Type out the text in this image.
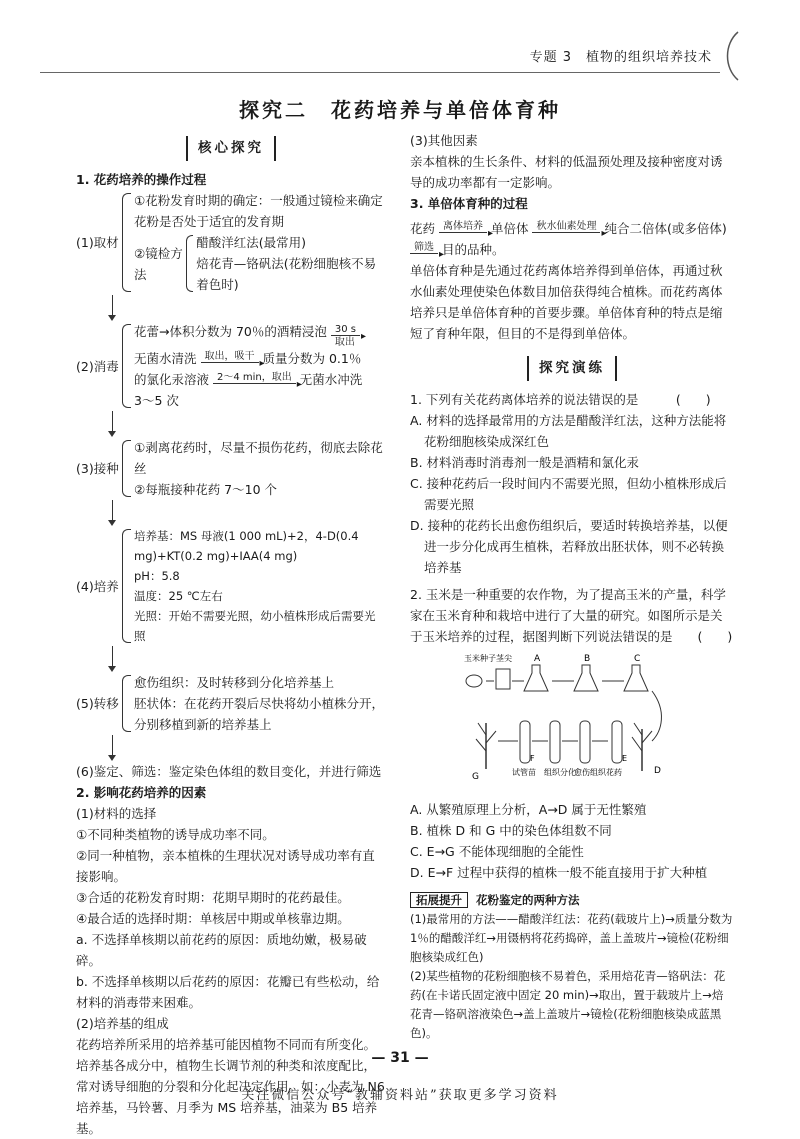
专题 3　植物的组织培养技术
探究二　花药培养与单倍体育种
核心探究

1. 花药培养的操作过程

(1)取材

①花粉发育时期的确定：一般通过镜检来确定花粉是否处于适宜的发育期

②镜检方法

醋酸洋红法(最常用)

焙花青—铬矾法(花粉细胞核不易着色时)

(2)消毒

花蕾→体积分数为 70％的酒精浸泡 30 s
取出
▸

无菌水清洗 取出，吸干 ▸ 质量分数为 0.1％

的氯化汞溶液 2～4 min，取出 ▸ 无菌水冲洗

3～5 次

(3)接种

①剥离花药时，尽量不损伤花药，彻底去除花丝

②每瓶接种花药 7～10 个

(4)培养

培养基：MS 母液(1 000 mL)+2，4-D(0.4 mg)+KT(0.2 mg)+IAA(4 mg)

pH：5.8

温度：25 ℃左右

光照：开始不需要光照，幼小植株形成后需要光照

(5)转移

愈伤组织：及时转移到分化培养基上

胚状体：在花药开裂后尽快将幼小植株分开，分别移植到新的培养基上

(6)鉴定、筛选：鉴定染色体组的数目变化，并进行筛选

2. 影响花药培养的因素

(1)材料的选择

①不同种类植物的诱导成功率不同。

②同一种植物，亲本植株的生理状况对诱导成功率有直接影响。

③合适的花粉发育时期：花期早期时的花药最佳。

④最合适的选择时期：单核居中期或单核靠边期。

a. 不选择单核期以前花药的原因：质地幼嫩，极易破碎。

b. 不选择单核期以后花药的原因：花瓣已有些松动，给材料的消毒带来困难。

(2)培养基的组成

花药培养所采用的培养基可能因植物不同而有所变化。培养基各成分中，植物生长调节剂的种类和浓度配比，常对诱导细胞的分裂和分化起决定作用。如：小麦为 N6 培养基，马铃薯、月季为 MS 培养基，油菜为 B5 培养基。

(3)其他因素

亲本植株的生长条件、材料的低温预处理及接种密度对诱导的成功率都有一定影响。

3. 单倍体育种的过程

花药 离体培养 ▸ 单倍体 秋水仙素处理 ▸ 纯合二倍体(或多倍体)

筛选 ▸ 目的品种。

单倍体育种是先通过花药离体培养得到单倍体，再通过秋水仙素处理使染色体数目加倍获得纯合植株。而花药离体培养只是单倍体育种的首要步骤。单倍体育种的特点是缩短了育种年限，但目的不是得到单倍体。

探究演练

1. 下列有关花药离体培养的说法错误的是　　　(　　)

A. 材料的选择最常用的方法是醋酸洋红法，这种方法能将花粉细胞核染成深红色

B. 材料消毒时消毒剂一般是酒精和氯化汞

C. 接种花药后一段时间内不需要光照，但幼小植株形成后需要光照

D. 接种的花药长出愈伤组织后，要适时转换培养基，以便进一步分化成再生植株，若释放出胚状体，则不必转换培养基

2. 玉米是一种重要的农作物，为了提高玉米的产量，科学家在玉米育种和栽培中进行了大量的研究。如图所示是关于玉米培养的过程，据图判断下列说法错误的是　　(　　)

玉米种子 茎尖 A	B	C
D
E
花药
愈伤组织
组织分化
F
试管苗
G

A. 从繁殖原理上分析，A→D 属于无性繁殖

B. 植株 D 和 G 中的染色体组数不同

C. E→G 不能体现细胞的全能性

D. E→F 过程中获得的植株一般不能直接用于扩大种植

拓展提升 花粉鉴定的两种方法

(1)最常用的方法——醋酸洋红法：花药(载玻片上)→质量分数为 1％的醋酸洋红→用镊柄将花药捣碎，盖上盖玻片→镜检(花粉细胞核染成红色)

(2)某些植物的花粉细胞核不易着色，采用焙花青—铬矾法：花药(在卡诺氏固定液中固定 20 min)→取出，置于载玻片上→焙花青—铬矾溶液染色→盖上盖玻片→镜检(花粉细胞核染成蓝黑色)。

— 31 —
关注微信公众号“教辅资料站”获取更多学习资料
